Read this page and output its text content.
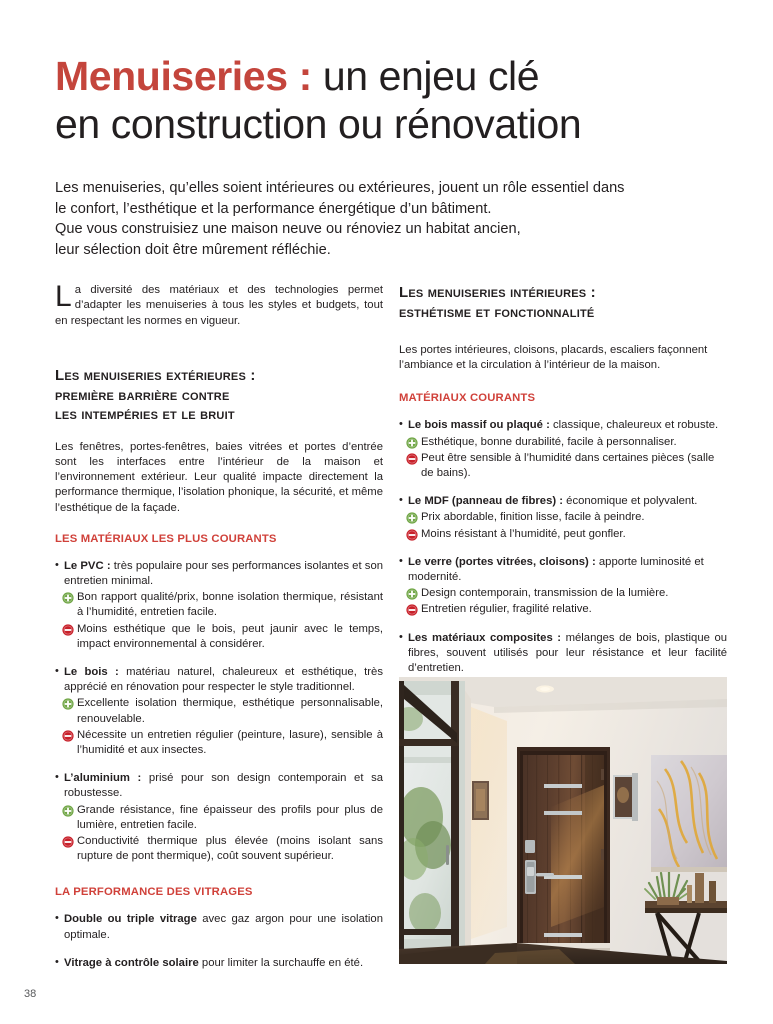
Menuiseries : un enjeu clé
en construction ou rénovation
Les menuiseries, qu’elles soient intérieures ou extérieures, jouent un rôle essentiel dans
le confort, l’esthétique et la performance énergétique d’un bâtiment.
Que vous construisiez une maison neuve ou rénoviez un habitat ancien,
leur sélection doit être mûrement réfléchie.

La diversité des matériaux et des technologies permet d’adapter les menuiseries à tous les styles et budgets, tout en respectant les normes en vigueur.

Les menuiseries extérieures :
première barrière contre
les intempéries et le bruit

Les fenêtres, portes-fenêtres, baies vitrées et portes d’entrée sont les interfaces entre l’intérieur de la maison et l’environnement extérieur. Leur qualité impacte directement la performance thermique, l’isolation phonique, la sécurité, et même l’esthétique de la façade.

LES MATÉRIAUX LES PLUS COURANTS
• Le PVC : très populaire pour ses performances isolantes et son entretien minimal.
Bon rapport qualité/prix, bonne isolation thermique, résistant à l’humidité, entretien facile.
Moins esthétique que le bois, peut jaunir avec le temps, impact environnemental à considérer.
• Le bois : matériau naturel, chaleureux et esthétique, très apprécié en rénovation pour respecter le style traditionnel.
Excellente isolation thermique, esthétique personnalisable, renouvelable.
Nécessite un entretien régulier (peinture, lasure), sensible à l’humidité et aux insectes.
• L’aluminium : prisé pour son design contemporain et sa robustesse.
Grande résistance, fine épaisseur des profils pour plus de lumière, entretien facile.
Conductivité thermique plus élevée (moins isolant sans rupture de pont thermique), coût souvent supérieur.
LA PERFORMANCE DES VITRAGES
• Double ou triple vitrage avec gaz argon pour une isolation optimale.
• Vitrage à contrôle solaire pour limiter la surchauffe en été.
Les menuiseries intérieures :
esthétisme et fonctionnalité

Les portes intérieures, cloisons, placards, escaliers façonnent l’ambiance et la circulation à l’intérieur de la maison.

MATÉRIAUX COURANTS
• Le bois massif ou plaqué : classique, chaleureux et robuste.
Esthétique, bonne durabilité, facile à personnaliser.
Peut être sensible à l’humidité dans certaines pièces (salle de bains).
• Le MDF (panneau de fibres) : économique et polyvalent.
Prix abordable, finition lisse, facile à peindre.
Moins résistant à l’humidité, peut gonfler.
• Le verre (portes vitrées, cloisons) : apporte luminosité et modernité.
Design contemporain, transmission de la lumière.
Entretien régulier, fragilité relative.
• Les matériaux composites : mélanges de bois, plastique ou fibres, souvent utilisés pour leur résistance et leur facilité d’entretien.
38
